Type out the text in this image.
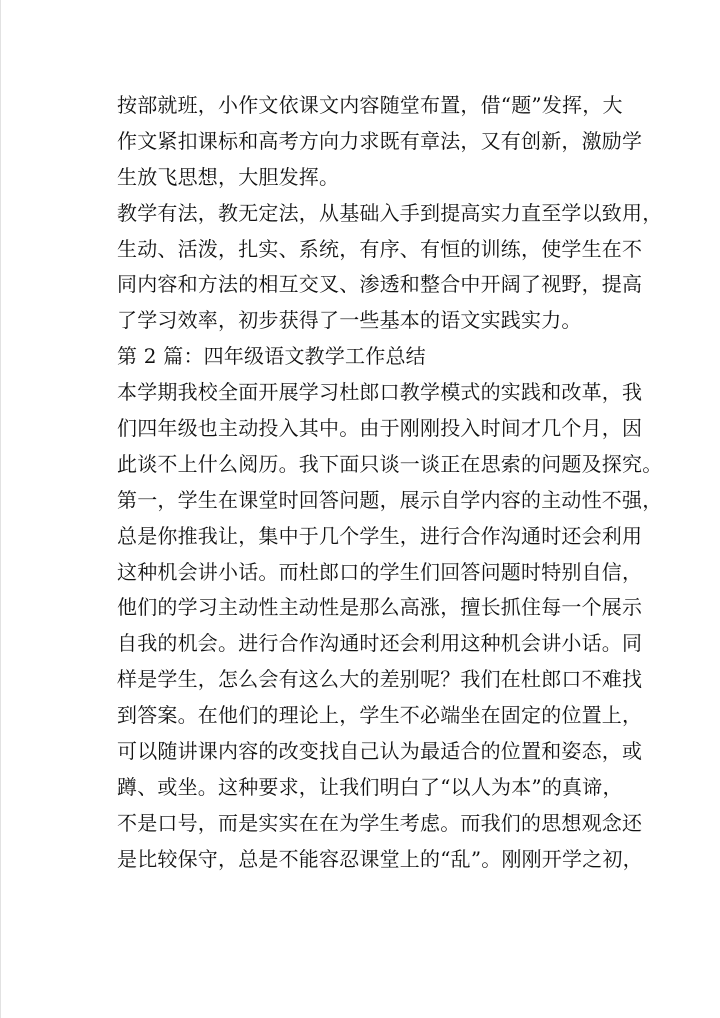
按部就班，小作文依课文内容随堂布置，借“题”发挥，大
作文紧扣课标和高考方向力求既有章法，又有创新，激励学
生放飞思想，大胆发挥。
教学有法，教无定法，从基础入手到提高实力直至学以致用，
生动、活泼，扎实、系统，有序、有恒的训练，使学生在不
同内容和方法的相互交叉、渗透和整合中开阔了视野，提高
了学习效率，初步获得了一些基本的语文实践实力。
第 2 篇：四年级语文教学工作总结
本学期我校全面开展学习杜郎口教学模式的实践和改革，我
们四年级也主动投入其中。由于刚刚投入时间才几个月，因
此谈不上什么阅历。我下面只谈一谈正在思索的问题及探究。
第一，学生在课堂时回答问题，展示自学内容的主动性不强，
总是你推我让，集中于几个学生，进行合作沟通时还会利用
这种机会讲小话。而杜郎口的学生们回答问题时特别自信，
他们的学习主动性主动性是那么高涨，擅长抓住每一个展示
自我的机会。进行合作沟通时还会利用这种机会讲小话。同
样是学生，怎么会有这么大的差别呢？我们在杜郎口不难找
到答案。在他们的理论上，学生不必端坐在固定的位置上，
可以随讲课内容的改变找自己认为最适合的位置和姿态，或
蹲、或坐。这种要求，让我们明白了“以人为本”的真谛，
不是口号，而是实实在在为学生考虑。而我们的思想观念还
是比较保守，总是不能容忍课堂上的“乱”。刚刚开学之初，
